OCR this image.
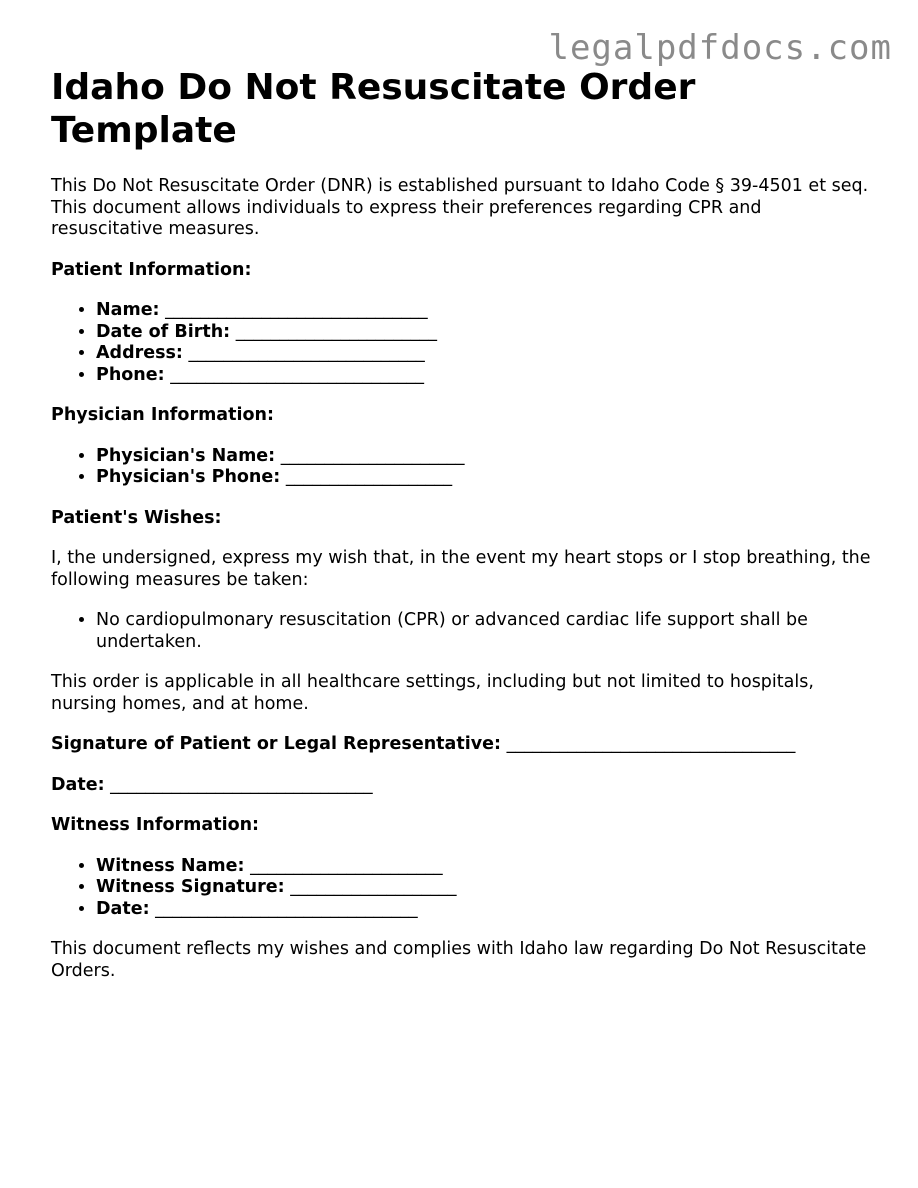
legalpdfdocs.com
Idaho Do Not Resuscitate Order Template

This Do Not Resuscitate Order (DNR) is established pursuant to Idaho Code § 39-4501 et seq. This document allows individuals to express their preferences regarding CPR and resuscitative measures.

Patient Information:

• Name: ______________________________
• Date of Birth: _______________________
• Address: ___________________________
• Phone: _____________________________

Physician Information:

• Physician's Name: _____________________
• Physician's Phone: ___________________

Patient's Wishes:

I, the undersigned, express my wish that, in the event my heart stops or I stop breathing, the following measures be taken:

• No cardiopulmonary resuscitation (CPR) or advanced cardiac life support shall be undertaken.

This order is applicable in all healthcare settings, including but not limited to hospitals, nursing homes, and at home.

Signature of Patient or Legal Representative: _________________________________

Date: ______________________________

Witness Information:

• Witness Name: ______________________
• Witness Signature: ___________________
• Date: ______________________________

This document reflects my wishes and complies with Idaho law regarding Do Not Resuscitate Orders.
